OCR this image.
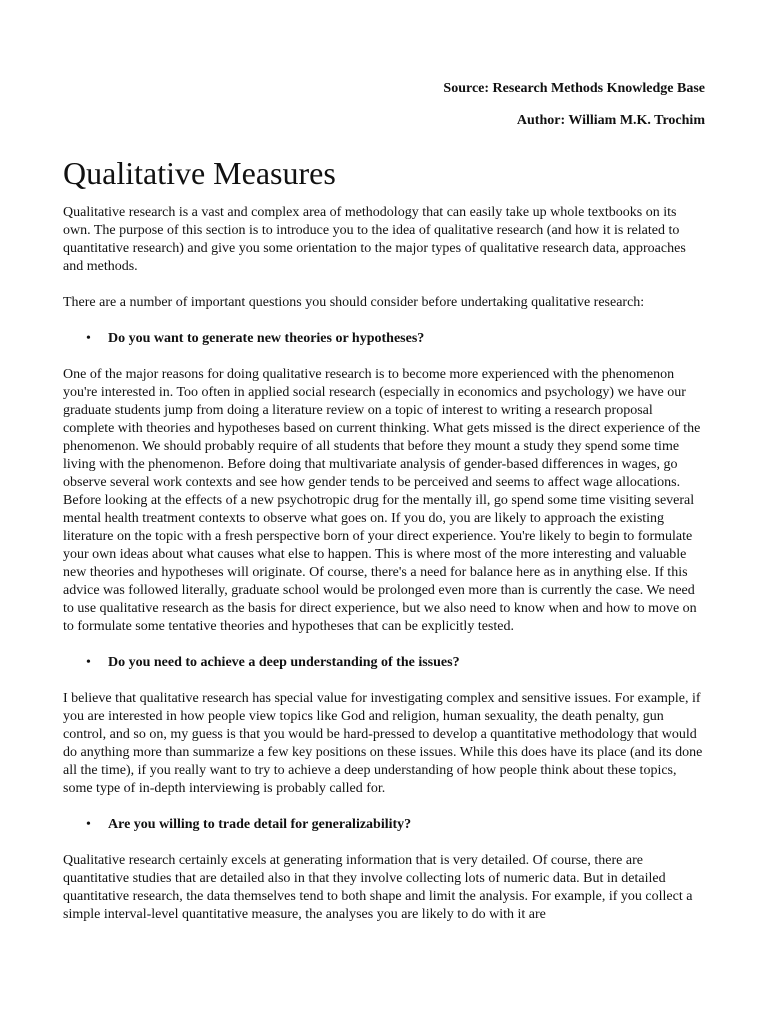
Source: Research Methods Knowledge Base

Author: William M.K. Trochim

Qualitative Measures

Qualitative research is a vast and complex area of methodology that can easily take up whole textbooks on its own. The purpose of this section is to introduce you to the idea of qualitative research (and how it is related to quantitative research) and give you some orientation to the major types of qualitative research data, approaches and methods.

There are a number of important questions you should consider before undertaking qualitative research:

• Do you want to generate new theories or hypotheses?

One of the major reasons for doing qualitative research is to become more experienced with the phenomenon you're interested in. Too often in applied social research (especially in economics and psychology) we have our graduate students jump from doing a literature review on a topic of interest to writing a research proposal complete with theories and hypotheses based on current thinking. What gets missed is the direct experience of the phenomenon. We should probably require of all students that before they mount a study they spend some time living with the phenomenon. Before doing that multivariate analysis of gender-based differences in wages, go observe several work contexts and see how gender tends to be perceived and seems to affect wage allocations. Before looking at the effects of a new psychotropic drug for the mentally ill, go spend some time visiting several mental health treatment contexts to observe what goes on. If you do, you are likely to approach the existing literature on the topic with a fresh perspective born of your direct experience. You're likely to begin to formulate your own ideas about what causes what else to happen. This is where most of the more interesting and valuable new theories and hypotheses will originate. Of course, there's a need for balance here as in anything else. If this advice was followed literally, graduate school would be prolonged even more than is currently the case. We need to use qualitative research as the basis for direct experience, but we also need to know when and how to move on to formulate some tentative theories and hypotheses that can be explicitly tested.

• Do you need to achieve a deep understanding of the issues?

I believe that qualitative research has special value for investigating complex and sensitive issues. For example, if you are interested in how people view topics like God and religion, human sexuality, the death penalty, gun control, and so on, my guess is that you would be hard-pressed to develop a quantitative methodology that would do anything more than summarize a few key positions on these issues. While this does have its place (and its done all the time), if you really want to try to achieve a deep understanding of how people think about these topics, some type of in-depth interviewing is probably called for.

• Are you willing to trade detail for generalizability?

Qualitative research certainly excels at generating information that is very detailed. Of course, there are quantitative studies that are detailed also in that they involve collecting lots of numeric data. But in detailed quantitative research, the data themselves tend to both shape and limit the analysis. For example, if you collect a simple interval-level quantitative measure, the analyses you are likely to do with it are
